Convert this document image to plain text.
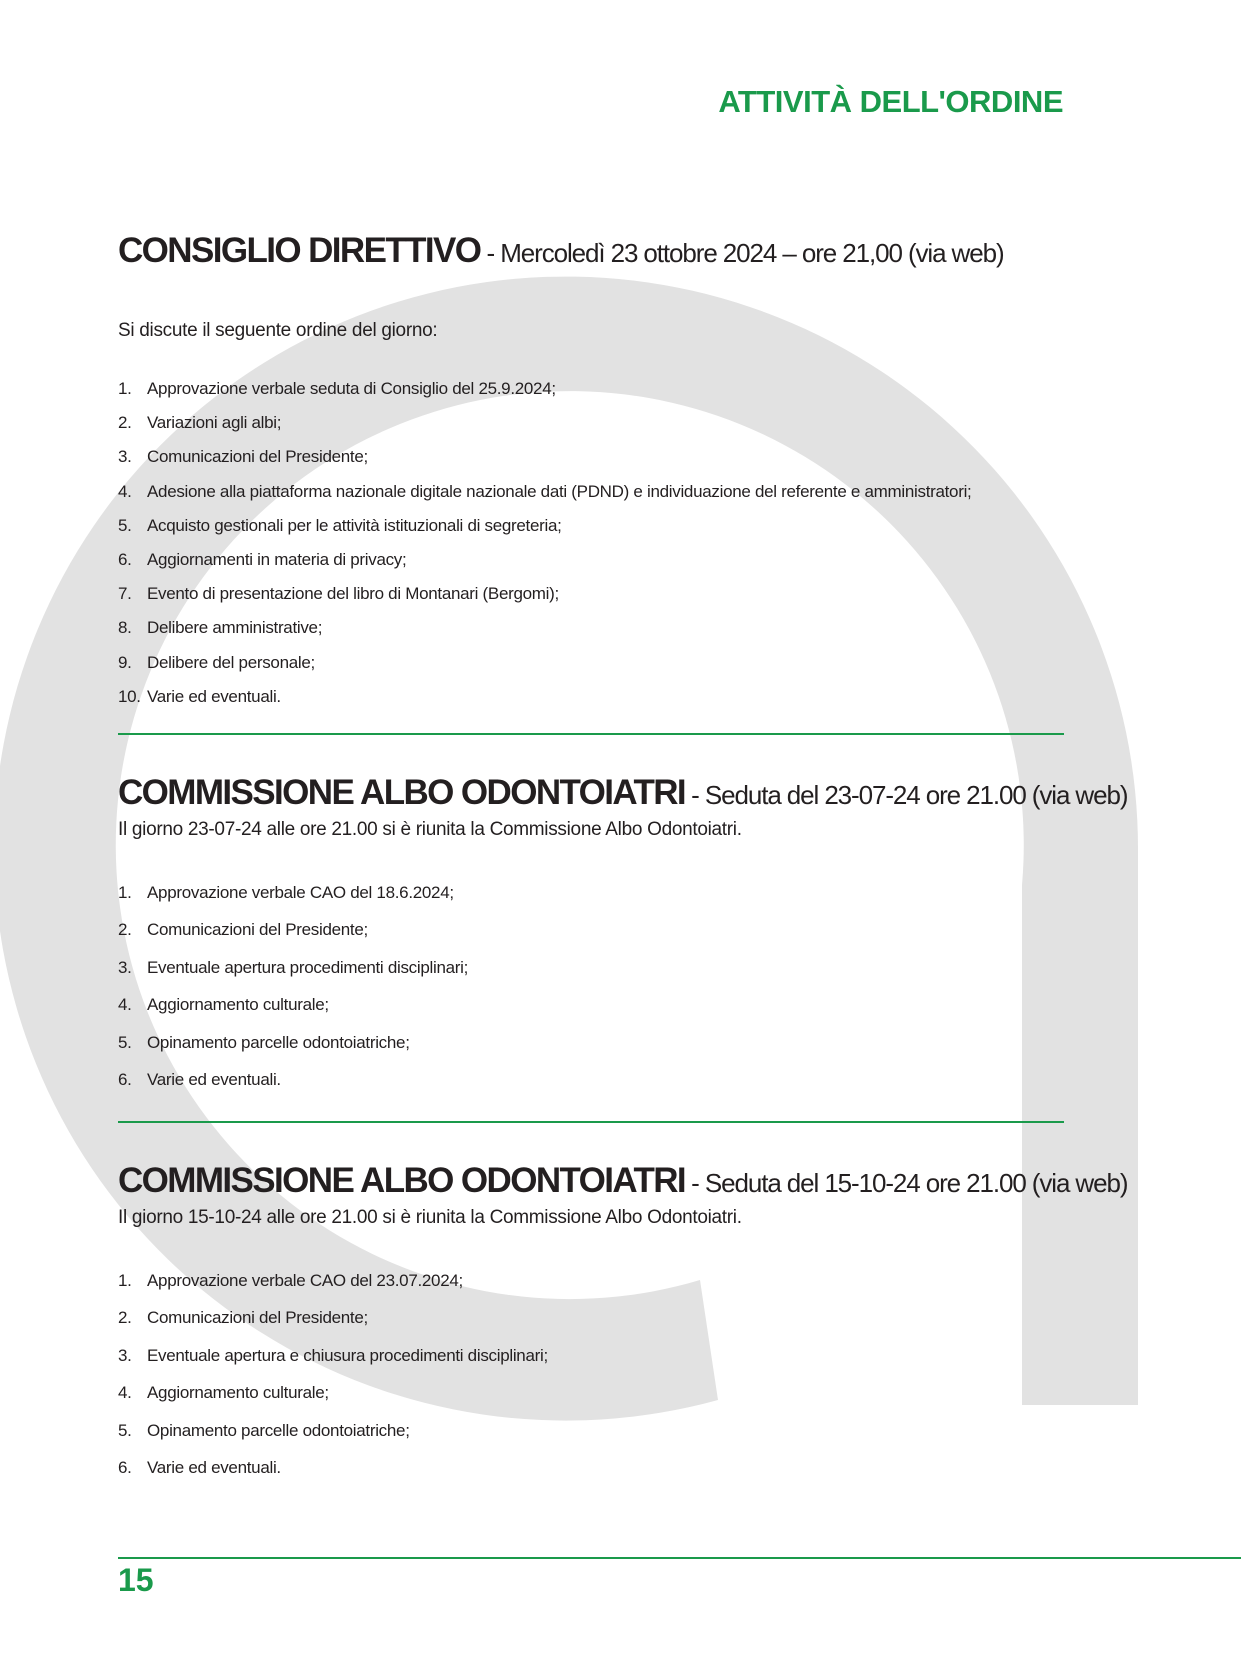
ATTIVITÀ DELL'ORDINE
CONSIGLIO DIRETTIVO - Mercoledì 23 ottobre 2024 – ore 21,00 (via web)

Si discute il seguente ordine del giorno:

1. Approvazione verbale seduta di Consiglio del 25.9.2024;
2. Variazioni agli albi;
3. Comunicazioni del Presidente;
4. Adesione alla piattaforma nazionale digitale nazionale dati (PDND) e individuazione del referente e amministratori;
5. Acquisto gestionali per le attività istituzionali di segreteria;
6. Aggiornamenti in materia di privacy;
7. Evento di presentazione del libro di Montanari (Bergomi);
8. Delibere amministrative;
9. Delibere del personale;
10. Varie ed eventuali.
COMMISSIONE ALBO ODONTOIATRI - Seduta del 23-07-24 ore 21.00 (via web)

Il giorno 23-07-24 alle ore 21.00 si è riunita la Commissione Albo Odontoiatri.

1. Approvazione verbale CAO del 18.6.2024;
2. Comunicazioni del Presidente;
3. Eventuale apertura procedimenti disciplinari;
4. Aggiornamento culturale;
5. Opinamento parcelle odontoiatriche;
6. Varie ed eventuali.
COMMISSIONE ALBO ODONTOIATRI - Seduta del 15-10-24 ore 21.00 (via web)

Il giorno 15-10-24 alle ore 21.00 si è riunita la Commissione Albo Odontoiatri.

1. Approvazione verbale CAO del 23.07.2024;
2. Comunicazioni del Presidente;
3. Eventuale apertura e chiusura procedimenti disciplinari;
4. Aggiornamento culturale;
5. Opinamento parcelle odontoiatriche;
6. Varie ed eventuali.

15
